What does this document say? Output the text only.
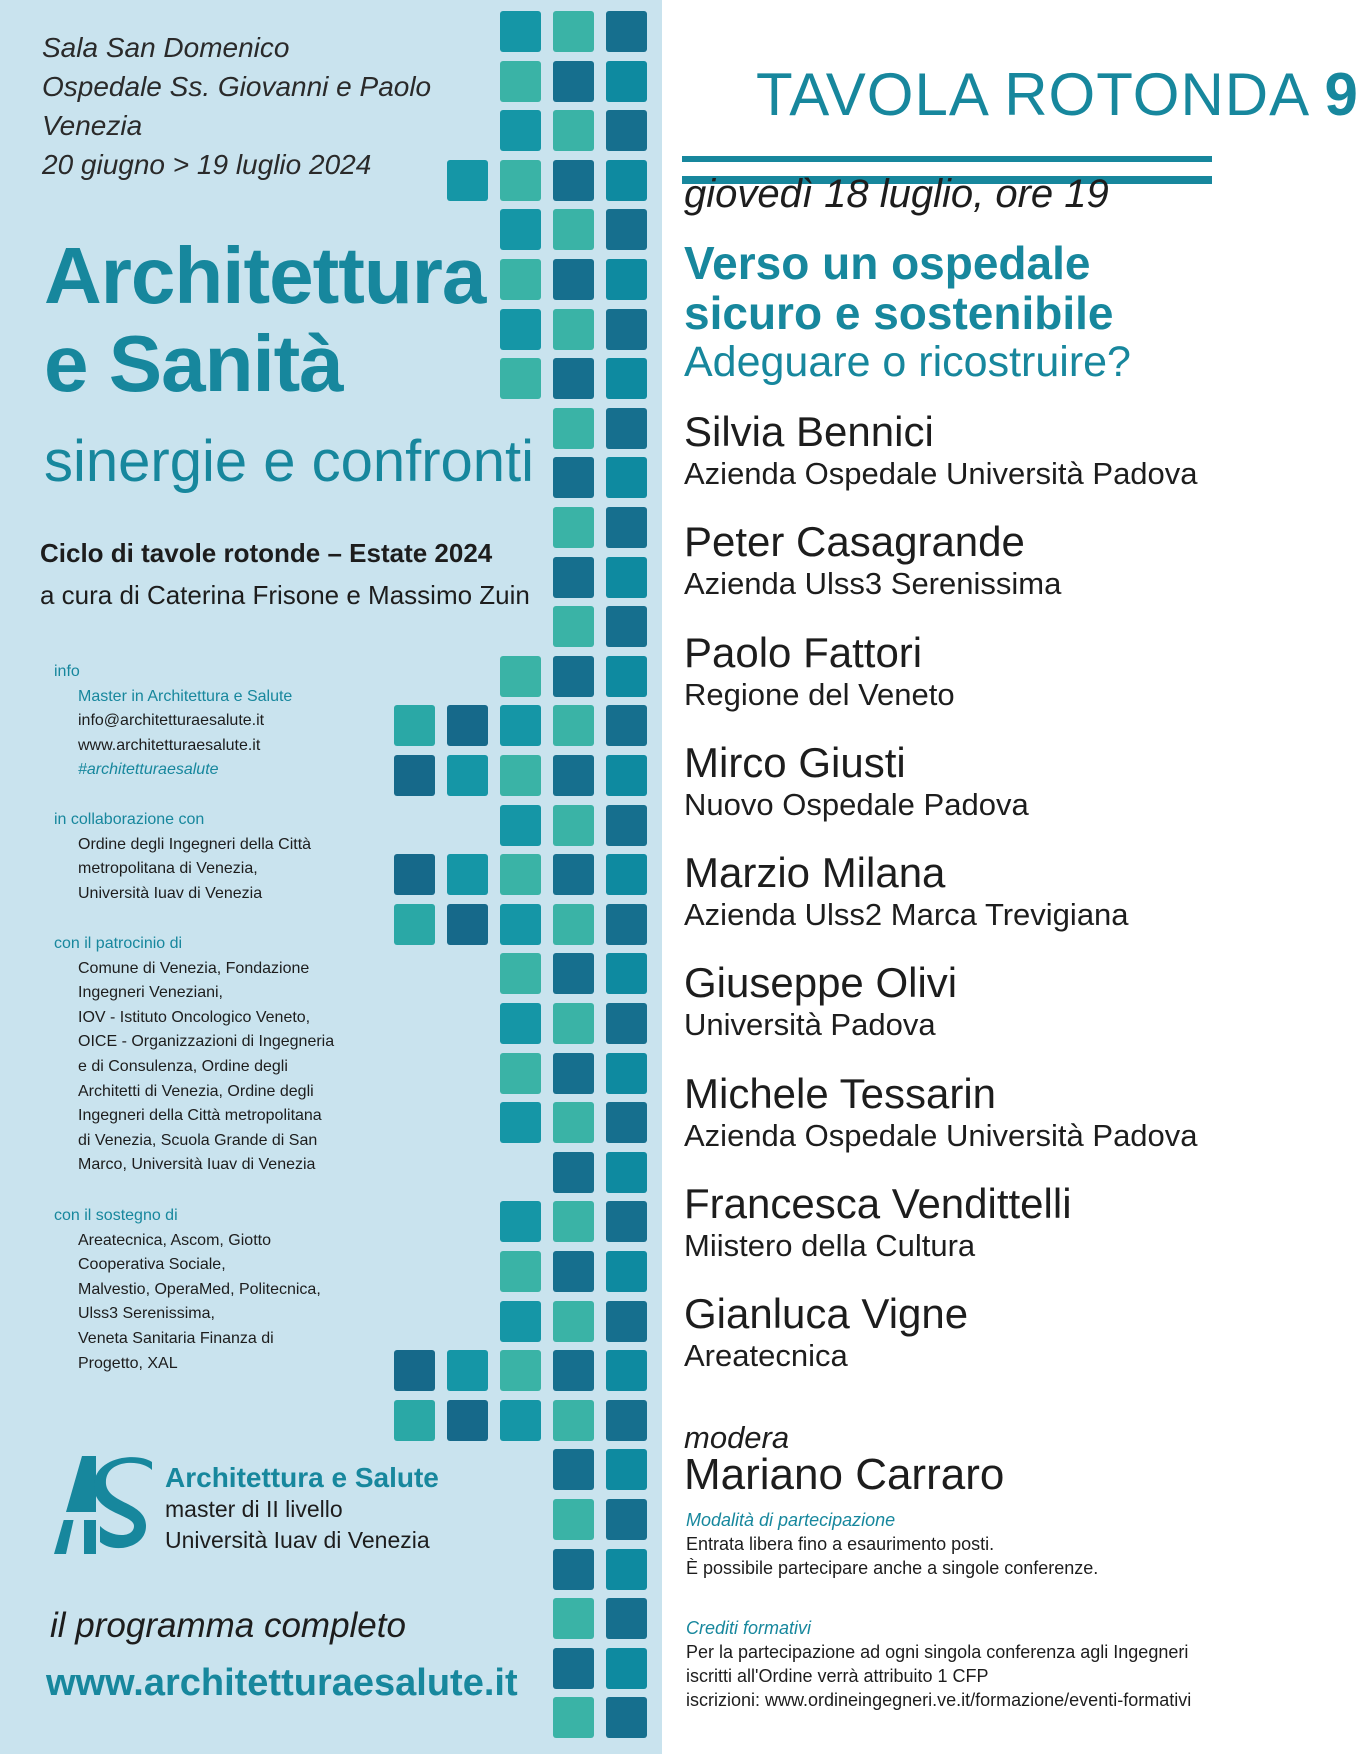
Sala San Domenico
Ospedale Ss. Giovanni e Paolo
Venezia
20 giugno > 19 luglio 2024
Architettura
e Sanità
sinergie e confronti
Ciclo di tavole rotonde – Estate 2024
a cura di Caterina Frisone e Massimo Zuin
info
Master in Architettura e Salute
info@architetturaesalute.it
www.architetturaesalute.it
#architetturaesalute
in collaborazione con
Ordine degli Ingegneri della Città
metropolitana di Venezia,
Università Iuav di Venezia
con il patrocinio di
Comune di Venezia, Fondazione
Ingegneri Veneziani,
IOV - Istituto Oncologico Veneto,
OICE - Organizzazioni di Ingegneria
e di Consulenza, Ordine degli
Architetti di Venezia, Ordine degli
Ingegneri della Città metropolitana
di Venezia, Scuola Grande di San
Marco, Università Iuav di Venezia
con il sostegno di
Areatecnica, Ascom, Giotto
Cooperativa Sociale,
Malvestio, OperaMed, Politecnica,
Ulss3 Serenissima,
Veneta Sanitaria Finanza di
Progetto, XAL
Architettura e Salute
master di II livello
Università Iuav di Venezia
il programma completo
www.architetturaesalute.it
TAVOLA ROTONDA 9
giovedì 18 luglio, ore 19
Verso un ospedale
sicuro e sostenibile
Adeguare o ricostruire?
Silvia Bennici
Azienda Ospedale Università Padova
Peter Casagrande
Azienda Ulss3 Serenissima
Paolo Fattori
Regione del Veneto
Mirco Giusti
Nuovo Ospedale Padova
Marzio Milana
Azienda Ulss2 Marca Trevigiana
Giuseppe Olivi
Università Padova
Michele Tessarin
Azienda Ospedale Università Padova
Francesca Vendittelli
Miistero della Cultura
Gianluca Vigne
Areatecnica
modera
Mariano Carraro
Modalità di partecipazione
Entrata libera fino a esaurimento posti.
È possibile partecipare anche a singole conferenze.
Crediti formativi
Per la partecipazione ad ogni singola conferenza agli Ingegneri
iscritti all'Ordine verrà attribuito 1 CFP
iscrizioni: www.ordineingegneri.ve.it/formazione/eventi-formativi
